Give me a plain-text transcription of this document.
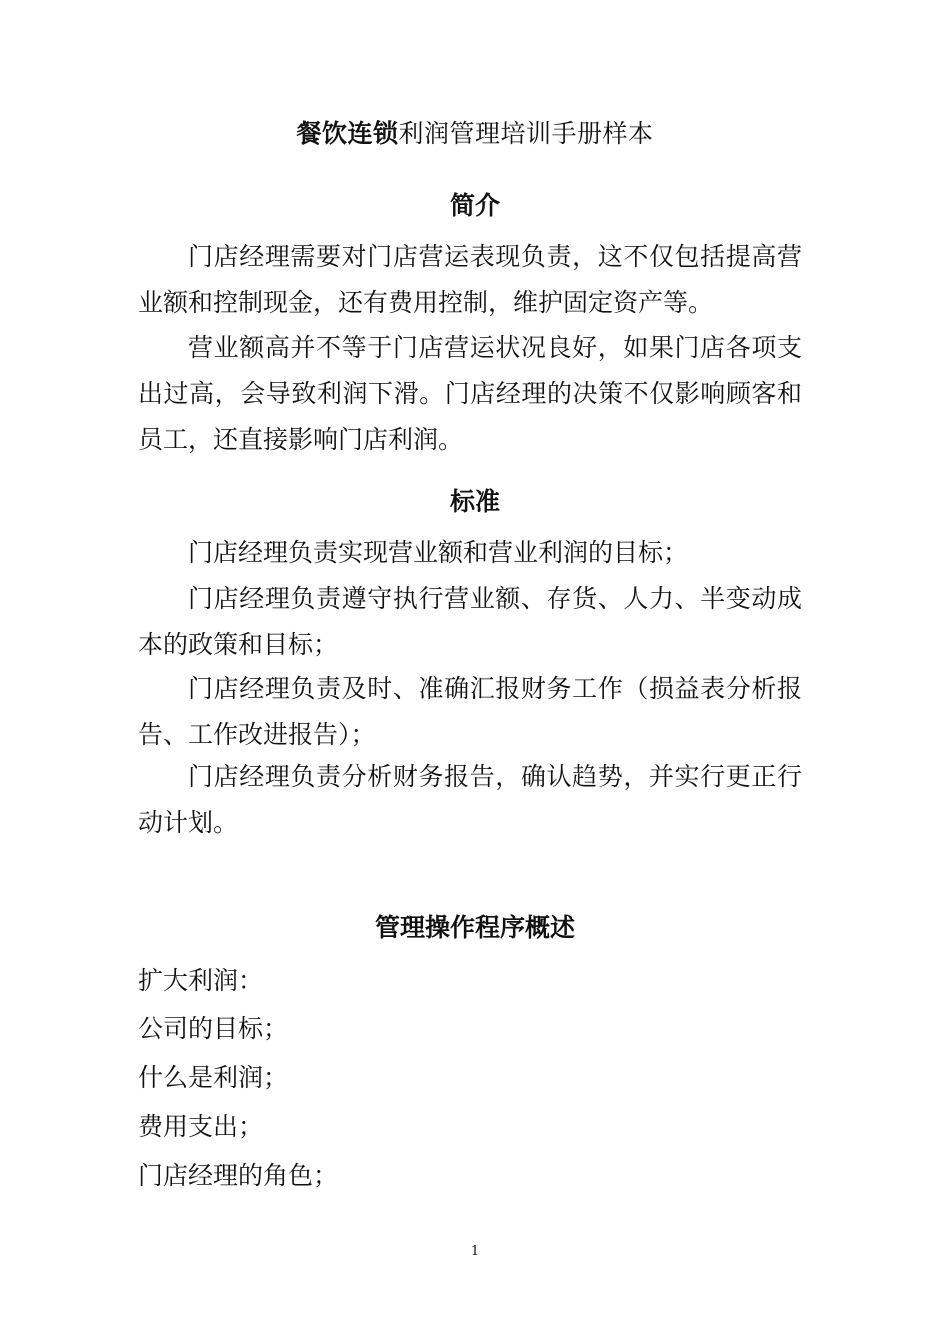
餐饮连锁利润管理培训手册样本
简介

门店经理需要对门店营运表现负责，这不仅包括提高营业额和控制现金，还有费用控制，维护固定资产等。

营业额高并不等于门店营运状况良好，如果门店各项支出过高，会导致利润下滑。门店经理的决策不仅影响顾客和员工，还直接影响门店利润。

标准

门店经理负责实现营业额和营业利润的目标；

门店经理负责遵守执行营业额、存货、人力、半变动成本的政策和目标；

门店经理负责及时、准确汇报财务工作（损益表分析报告、工作改进报告）；

门店经理负责分析财务报告，确认趋势，并实行更正行动计划。

管理操作程序概述

扩大利润：

公司的目标；

什么是利润；

费用支出；

门店经理的角色；

1
